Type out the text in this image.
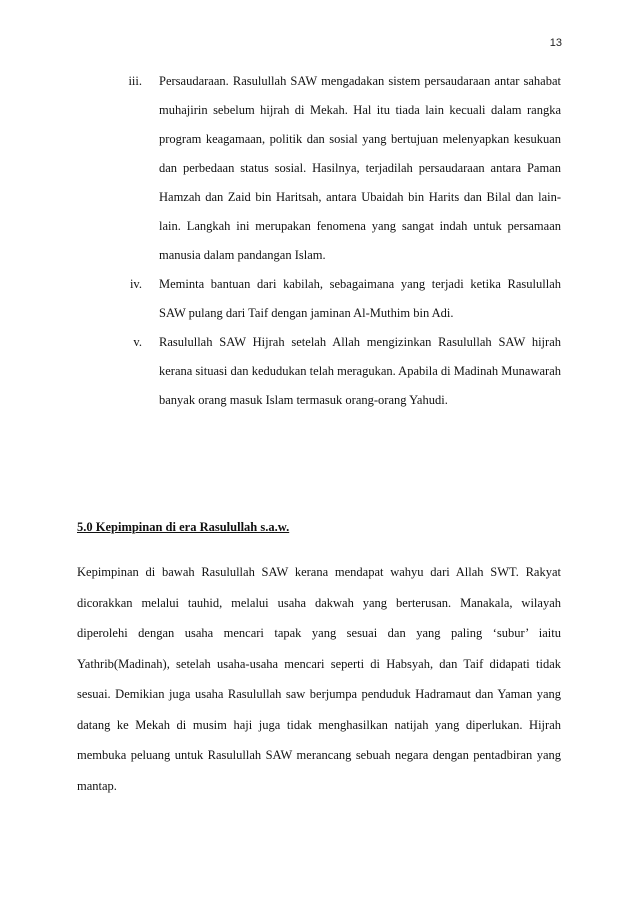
13
iii. Persaudaraan. Rasulullah SAW mengadakan sistem persaudaraan antar sahabat muhajirin sebelum hijrah di Mekah. Hal itu tiada lain kecuali dalam rangka program keagamaan, politik dan sosial yang bertujuan melenyapkan kesukuan dan perbedaan status sosial. Hasilnya, terjadilah persaudaraan antara Paman Hamzah dan Zaid bin Haritsah, antara Ubaidah bin Harits dan Bilal dan lain-lain. Langkah ini merupakan fenomena yang sangat indah untuk persamaan manusia dalam pandangan Islam.
iv. Meminta bantuan dari kabilah, sebagaimana yang terjadi ketika Rasulullah SAW pulang dari Taif dengan jaminan Al-Muthim bin Adi.
v. Rasulullah SAW Hijrah setelah Allah mengizinkan Rasulullah SAW hijrah kerana situasi dan kedudukan telah meragukan. Apabila di Madinah Munawarah banyak orang masuk Islam termasuk orang-orang Yahudi.
5.0 Kepimpinan di era Rasulullah s.a.w.

Kepimpinan di bawah Rasulullah SAW kerana mendapat wahyu dari Allah SWT. Rakyat dicorakkan melalui tauhid, melalui usaha dakwah yang berterusan. Manakala, wilayah diperolehi dengan usaha mencari tapak yang sesuai dan yang paling ‘subur’ iaitu Yathrib(Madinah), setelah usaha-usaha mencari seperti di Habsyah, dan Taif didapati tidak sesuai. Demikian juga usaha Rasulullah saw berjumpa penduduk Hadramaut dan Yaman yang datang ke Mekah di musim haji juga tidak menghasilkan natijah yang diperlukan. Hijrah membuka peluang untuk Rasulullah SAW merancang sebuah negara dengan pentadbiran yang mantap.
